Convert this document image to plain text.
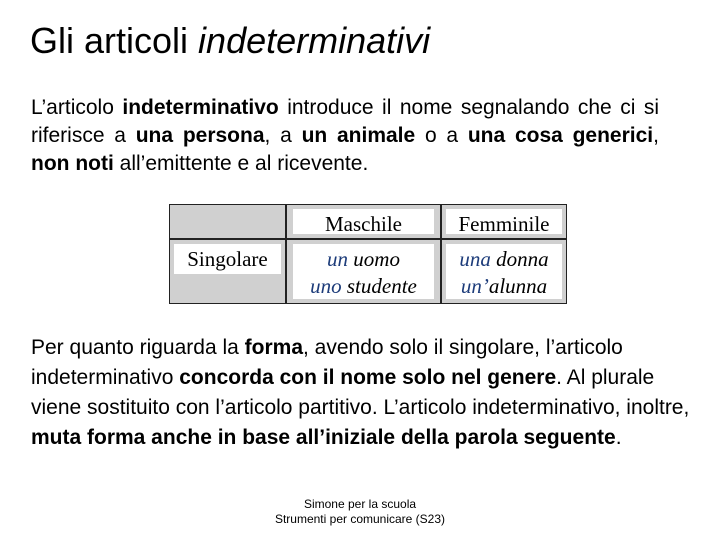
Gli articoli indeterminativi
L’articolo indeterminativo introduce il nome segnalando che ci si riferisce a una persona, a un animale o a una cosa generici, non noti all’emittente e al ricevente.
Maschile	Femminile
Singolare	un uomo
uno studente
una donna
un’alunna
Per quanto riguarda la forma, avendo solo il singolare, l’articolo indeterminativo concorda con il nome solo nel genere. Al plurale viene sostituito con l’articolo partitivo. L’articolo indeterminativo, inoltre, muta forma anche in base all’iniziale della parola seguente.
Simone per la scuola
Strumenti per comunicare (S23)
